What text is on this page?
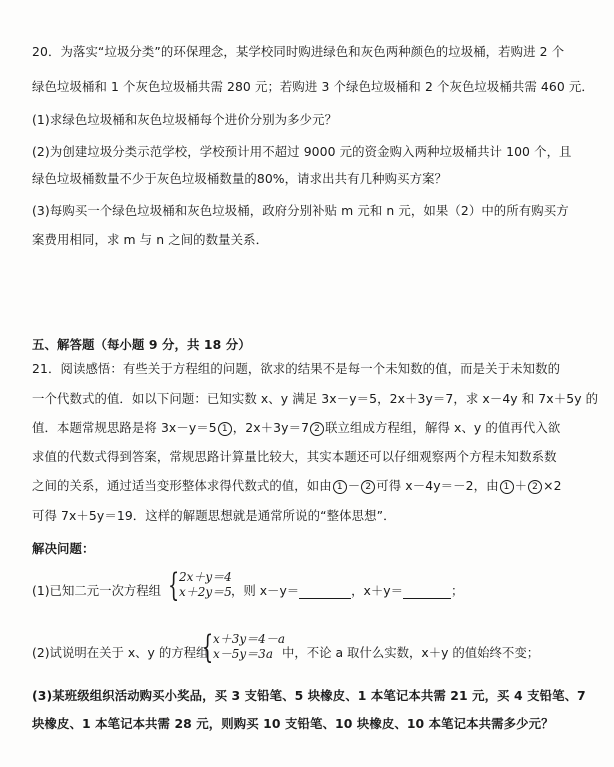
20．为落实“垃圾分类”的环保理念，某学校同时购进绿色和灰色两种颜色的垃圾桶，若购进 2 个
绿色垃圾桶和 1 个灰色垃圾桶共需 280 元；若购进 3 个绿色垃圾桶和 2 个灰色垃圾桶共需 460 元．
(1)求绿色垃圾桶和灰色垃圾桶每个进价分别为多少元？
(2)为创建垃圾分类示范学校，学校预计用不超过 9000 元的资金购入两种垃圾桶共计 100 个，且
绿色垃圾桶数量不少于灰色垃圾桶数量的80%，请求出共有几种购买方案？
(3)每购买一个绿色垃圾桶和灰色垃圾桶，政府分别补贴 m 元和 n 元，如果（2）中的所有购买方
案费用相同，求 m 与 n 之间的数量关系．
五、解答题（每小题 9 分，共 18 分）
21．阅读感悟：有些关于方程组的问题，欲求的结果不是每一个未知数的值，而是关于未知数的
一个代数式的值．如以下问题：已知实数 x、y 满足 3x－y＝5，2x＋3y＝7，求 x－4y 和 7x＋5y 的
值．本题常规思路是将 3x－y＝5 1 ，2x＋3y＝7 2 联立组成方程组，解得 x、y 的值再代入欲
求值的代数式得到答案，常规思路计算量比较大，其实本题还可以仔细观察两个方程未知数系数
之间的关系，通过适当变形整体求得代数式的值，如由 1 － 2 可得 x－4y＝－2，由 1 ＋ 2 ×2
可得 7x＋5y＝19．这样的解题思想就是通常所说的“整体思想”．
解决问题：
(1)已知二元一次方程组 { 2x＋y＝4
x＋2y＝5 ，则 x－y＝	，x＋y＝	；
(2)试说明在关于 x、y 的方程组
{ x＋3y＝4－a
x－5y＝3a 中，不论 a 取什么实数，x＋y 的值始终不变；
(3)某班级组织活动购买小奖品，买 3 支铅笔、5 块橡皮、1 本笔记本共需 21 元，买 4 支铅笔、7
块橡皮、1 本笔记本共需 28 元，则购买 10 支铅笔、10 块橡皮、10 本笔记本共需多少元？
